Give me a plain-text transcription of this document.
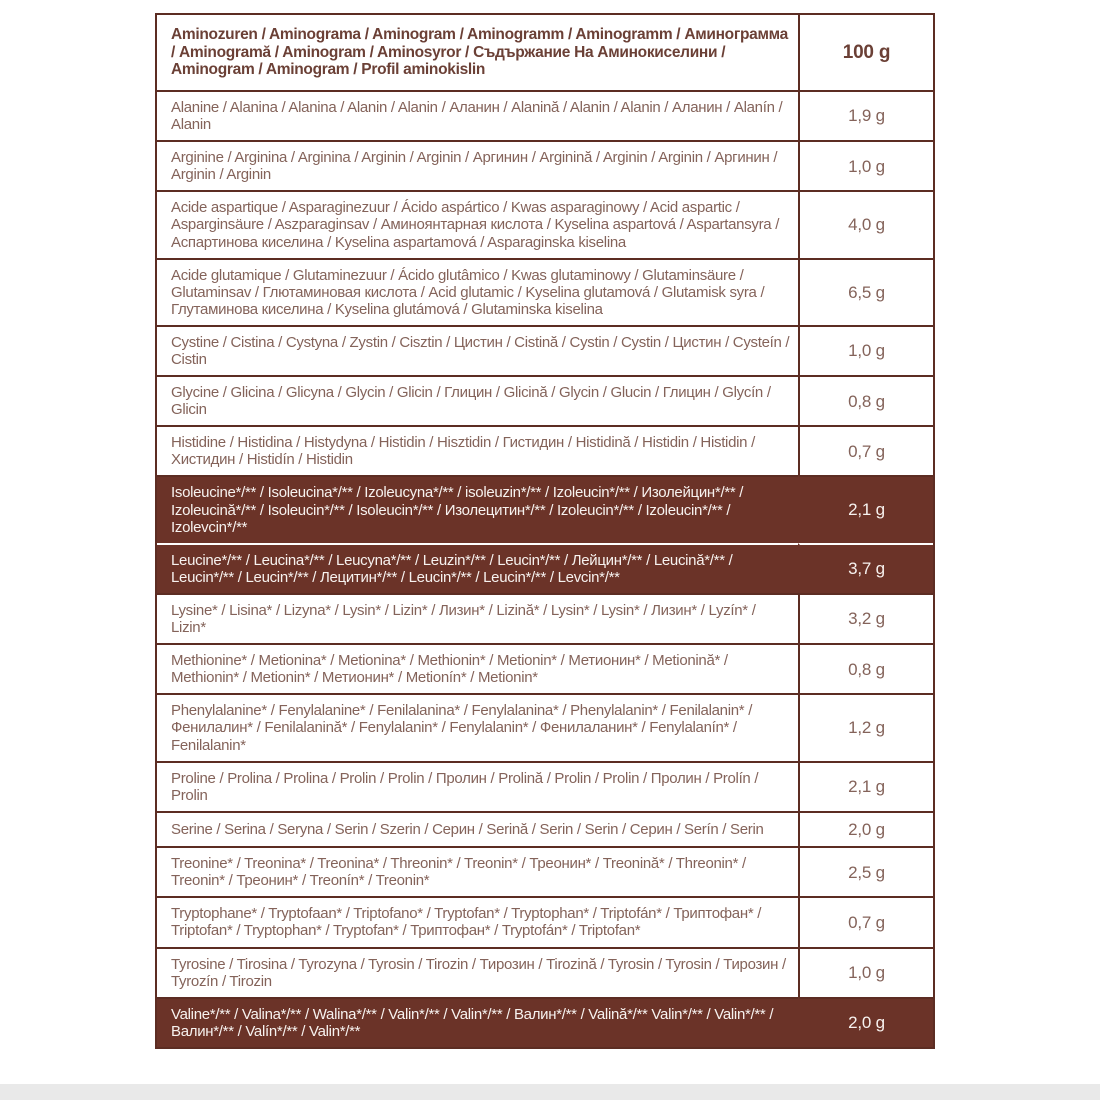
Aminozuren / Aminograma / Aminogram / Aminogramm / Aminogramm / Аминограмма / Aminogramă / Aminogram / Aminosyror / Съдържание На Аминокиселини / Aminogram / Aminogram / Profil aminokislin	100 g
Alanine / Alanina / Alanina / Alanin / Alanin / Аланин / Alanină / Alanin / Alanin / Аланин / Alanín / Alanin	1,9 g
Arginine / Arginina / Arginina / Arginin / Arginin / Аргинин / Arginină / Arginin / Arginin / Аргинин / Arginin / Arginin	1,0 g
Acide aspartique / Asparaginezuur / Ácido aspártico / Kwas asparaginowy / Acid aspartic / Asparginsäure / Aszparaginsav / Аминоянтарная кислота / Kyselina aspartová / Aspartansyra / Аспартинова киселина / Kyselina aspartamová / Asparaginska kiselina	4,0 g
Acide glutamique / Glutaminezuur / Ácido glutâmico / Kwas glutaminowy / Glutaminsäure / Glutaminsav / Глютаминовая кислота / Acid glutamic / Kyselina glutamová / Glutamisk syra / Глутаминова киселина / Kyselina glutámová / Glutaminska kiselina	6,5 g
Cystine / Cistina / Cystyna / Zystin / Cisztin / Цистин / Cistină / Cystin / Cystin / Цистин / Cysteín / Cistin	1,0 g
Glycine / Glicina / Glicyna / Glycin / Glicin / Глицин / Glicină / Glycin / Glucin / Глицин / Glycín / Glicin	0,8 g
Histidine / Histidina / Histydyna / Histidin / Hisztidin / Гистидин / Histidină / Histidin / Histidin / Хистидин / Histidín / Histidin	0,7 g
Isoleucine*/** / Isoleucina*/** / Izoleucyna*/** / isoleuzin*/** / Izoleucin*/** / Изолейцин*/** / Izoleucină*/** / Isoleucin*/** / Isoleucin*/** / Изолецитин*/** / Izoleucin*/** / Izoleucin*/** / Izolevcin*/**	2,1 g
Leucine*/** / Leucina*/** / Leucyna*/** / Leuzin*/** / Leucin*/** / Лейцин*/** / Leucină*/** / Leucin*/** / Leucin*/** / Лецитин*/** / Leucin*/** / Leucin*/** / Levcin*/**	3,7 g
Lysine* / Lisina* / Lizyna* / Lysin* / Lizin* / Лизин* / Lizină* / Lysin* / Lysin* / Лизин* / Lyzín* / Lizin*	3,2 g
Methionine* / Metionina* / Metionina* / Methionin* / Metionin* / Метионин* / Metionină* / Methionin* / Metionin* / Метионин* / Metionín* / Metionin*	0,8 g
Phenylalanine* / Fenylalanine* / Fenilalanina* / Fenylalanina* / Phenylalanin* / Fenilalanin* / Фенилалин* / Fenilalanină* / Fenylalanin* / Fenylalanin* / Фенилаланин* / Fenylalanín* / Fenilalanin*	1,2 g
Proline / Prolina / Prolina / Prolin / Prolin / Пролин / Prolină / Prolin / Prolin / Пролин / Prolín / Prolin	2,1 g
Serine / Serina / Seryna / Serin / Szerin / Серин / Serină / Serin / Serin / Серин / Serín / Serin	2,0 g
Treonine* / Treonina* / Treonina* / Threonin* / Treonin* / Треонин* / Treonină* / Threonin* / Treonin* / Треонин* / Treonín* / Treonin*	2,5 g
Tryptophane* / Tryptofaan* / Triptofano* / Tryptofan* / Tryptophan* / Triptofán* / Триптофан* / Triptofan* / Tryptophan* / Tryptofan* / Триптофан* / Tryptofán* / Triptofan*	0,7 g
Tyrosine / Tirosina / Tyrozyna / Tyrosin / Tirozin / Тирозин / Tirozină / Tyrosin / Tyrosin / Тирозин / Tyrozín / Tirozin	1,0 g
Valine*/** / Valina*/** / Walina*/** / Valin*/** / Valin*/** / Валин*/** / Valină*/** Valin*/** / Valin*/** / Валин*/** / Valín*/** / Valin*/**	2,0 g
